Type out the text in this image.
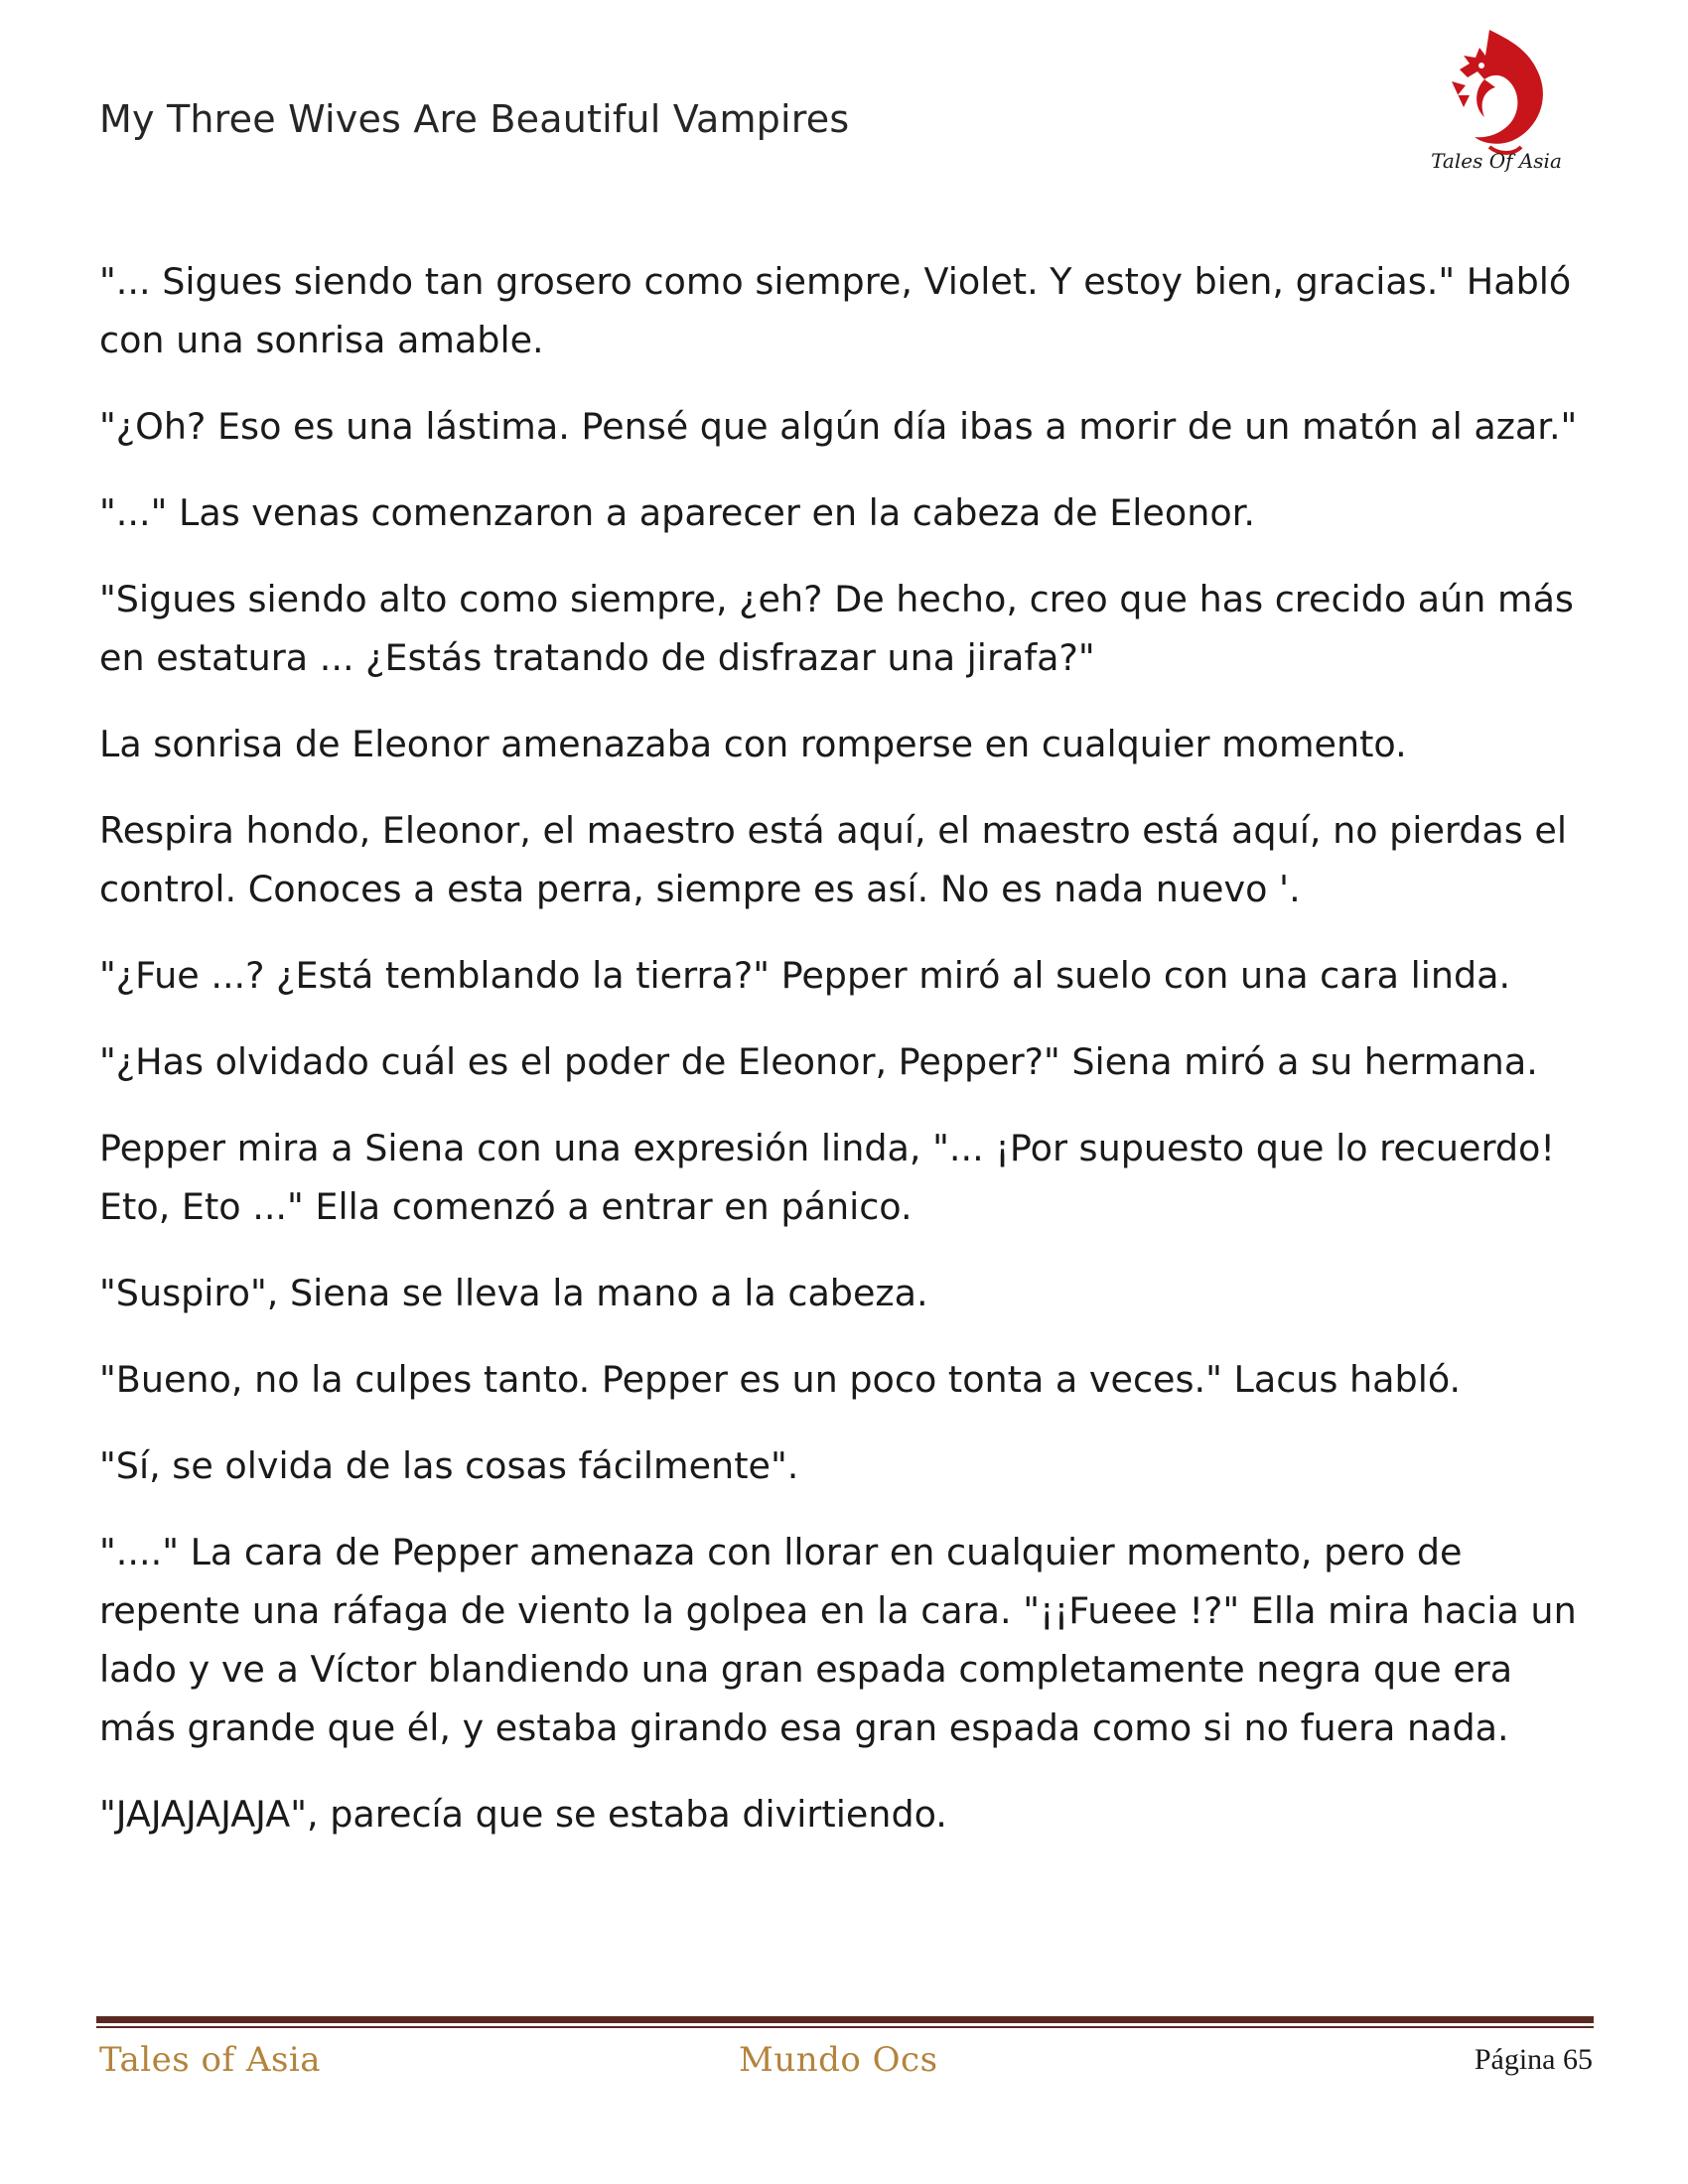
My Three Wives Are Beautiful Vampires
Tales Of Asia

"... Sigues siendo tan grosero como siempre, Violet. Y estoy bien, gracias." Habló con una sonrisa amable.

"¿Oh? Eso es una lástima. Pensé que algún día ibas a morir de un matón al azar."

"..." Las venas comenzaron a aparecer en la cabeza de Eleonor.

"Sigues siendo alto como siempre, ¿eh? De hecho, creo que has crecido aún más en estatura ... ¿Estás tratando de disfrazar una jirafa?"

La sonrisa de Eleonor amenazaba con romperse en cualquier momento.

Respira hondo, Eleonor, el maestro está aquí, el maestro está aquí, no pierdas el control. Conoces a esta perra, siempre es así. No es nada nuevo '.

"¿Fue ...? ¿Está temblando la tierra?" Pepper miró al suelo con una cara linda.

"¿Has olvidado cuál es el poder de Eleonor, Pepper?" Siena miró a su hermana.

Pepper mira a Siena con una expresión linda, "... ¡Por supuesto que lo recuerdo! Eto, Eto ..." Ella comenzó a entrar en pánico.

"Suspiro", Siena se lleva la mano a la cabeza.

"Bueno, no la culpes tanto. Pepper es un poco tonta a veces." Lacus habló.

"Sí, se olvida de las cosas fácilmente".

"...." La cara de Pepper amenaza con llorar en cualquier momento, pero de repente una ráfaga de viento la golpea en la cara. "¡¡Fueee !?" Ella mira hacia un lado y ve a Víctor blandiendo una gran espada completamente negra que era más grande que él, y estaba girando esa gran espada como si no fuera nada.

"JAJAJAJAJA", parecía que se estaba divirtiendo.

Tales of Asia	Mundo Ocs	Página 65
